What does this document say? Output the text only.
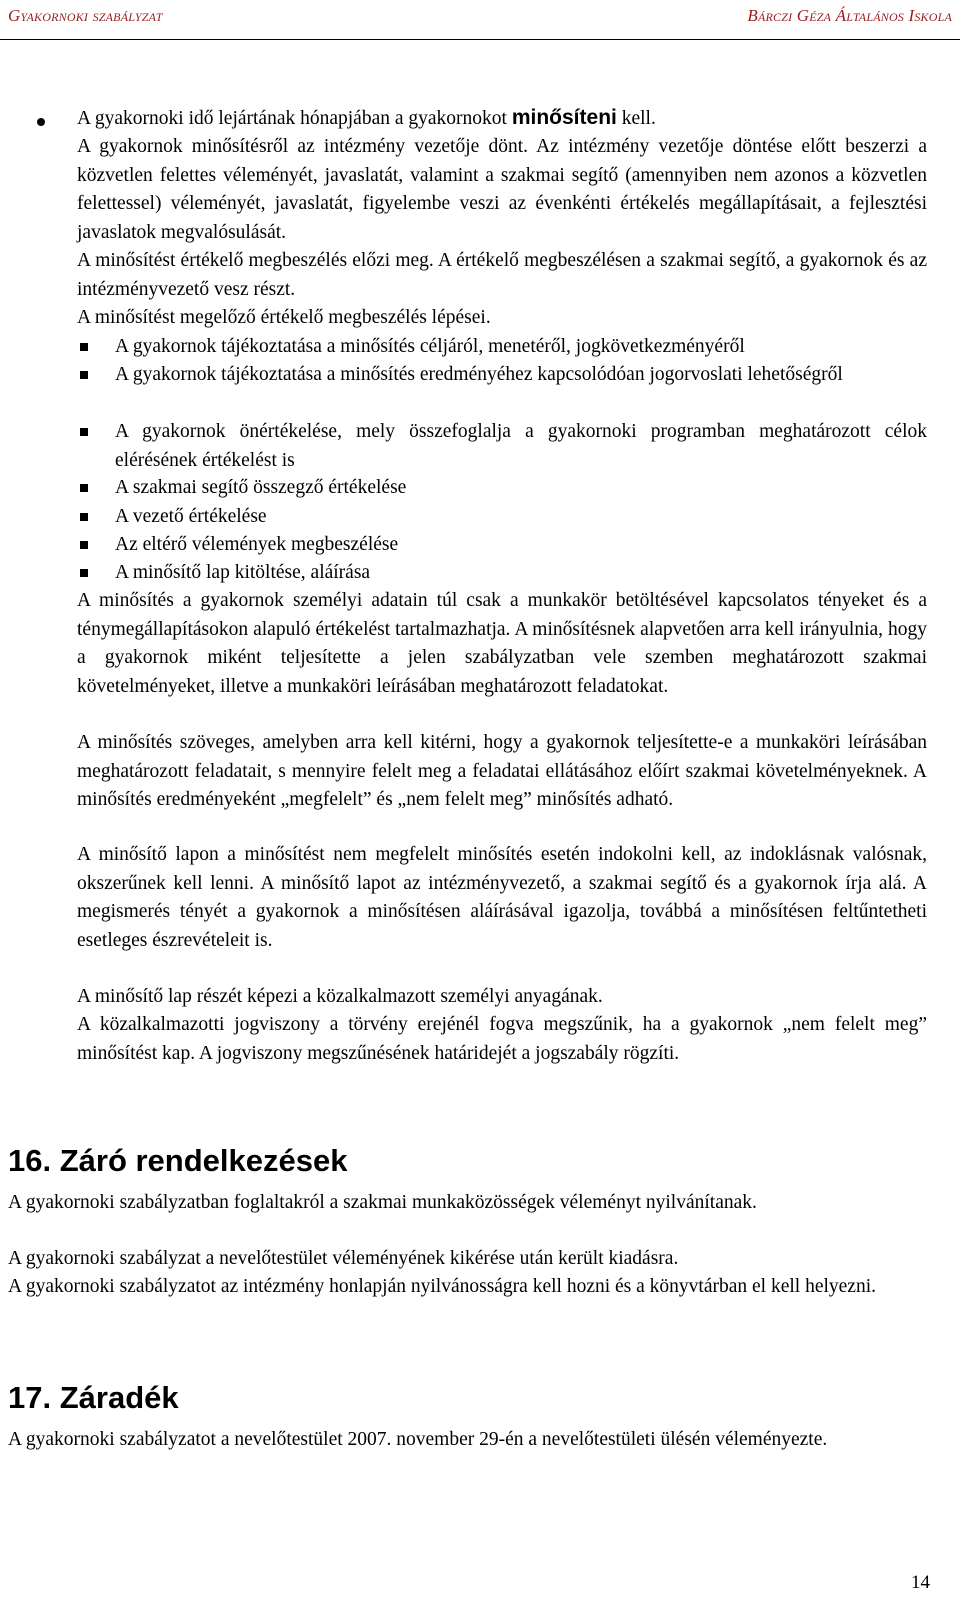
Gyakornoki szabályzat	Bárczi Géza Általános Iskola

A gyakornoki idő lejártának hónapjában a gyakornokot minősíteni kell.

A gyakornok minősítésről az intézmény vezetője dönt. Az intézmény vezetője döntése előtt beszerzi a közvetlen felettes véleményét, javaslatát, valamint a szakmai segítő (amennyiben nem azonos a közvetlen felettessel) véleményét, javaslatát, figyelembe veszi az évenkénti értékelés megállapításait, a fejlesztési javaslatok megvalósulását.

A minősítést értékelő megbeszélés előzi meg. A értékelő megbeszélésen a szakmai segítő, a gyakornok és az intézményvezető vesz részt.

A minősítést megelőző értékelő megbeszélés lépései.

A gyakornok tájékoztatása a minősítés céljáról, menetéről, jogkövetkezményéről

A gyakornok tájékoztatása a minősítés eredményéhez kapcsolódóan jogorvoslati lehetőségről

A gyakornok önértékelése, mely összefoglalja a gyakornoki programban meghatározott célok elérésének értékelést is

A szakmai segítő összegző értékelése

A vezető értékelése

Az eltérő vélemények megbeszélése

A minősítő lap kitöltése, aláírása

A minősítés a gyakornok személyi adatain túl csak a munkakör betöltésével kapcsolatos tényeket és a ténymegállapításokon alapuló értékelést tartalmazhatja. A minősítésnek alapvetően arra kell irányulnia, hogy a gyakornok miként teljesítette a jelen szabályzatban vele szemben meghatározott szakmai követelményeket, illetve a munkaköri leírásában meghatározott feladatokat.

A minősítés szöveges, amelyben arra kell kitérni, hogy a gyakornok teljesítette-e a munkaköri leírásában meghatározott feladatait, s mennyire felelt meg a feladatai ellátásához előírt szakmai követelményeknek. A minősítés eredményeként „megfelelt” és „nem felelt meg” minősítés adható.

A minősítő lapon a minősítést nem megfelelt minősítés esetén indokolni kell, az indoklásnak valósnak, okszerűnek kell lenni. A minősítő lapot az intézményvezető, a szakmai segítő és a gyakornok írja alá. A megismerés tényét a gyakornok a minősítésen aláírásával igazolja, továbbá a minősítésen feltűntetheti esetleges észrevételeit is.

A minősítő lap részét képezi a közalkalmazott személyi anyagának.

A közalkalmazotti jogviszony a törvény erejénél fogva megszűnik, ha a gyakornok „nem felelt meg” minősítést kap. A jogviszony megszűnésének határidejét a jogszabály rögzíti.

16. Záró rendelkezések

A gyakornoki szabályzatban foglaltakról a szakmai munkaközösségek véleményt nyilvánítanak.

A gyakornoki szabályzat a nevelőtestület véleményének kikérése után került kiadásra.

A gyakornoki szabályzatot az intézmény honlapján nyilvánosságra kell hozni és a könyvtárban el kell helyezni.

17. Záradék

A gyakornoki szabályzatot a nevelőtestület 2007. november 29-én a nevelőtestületi ülésén véleményezte.

14
